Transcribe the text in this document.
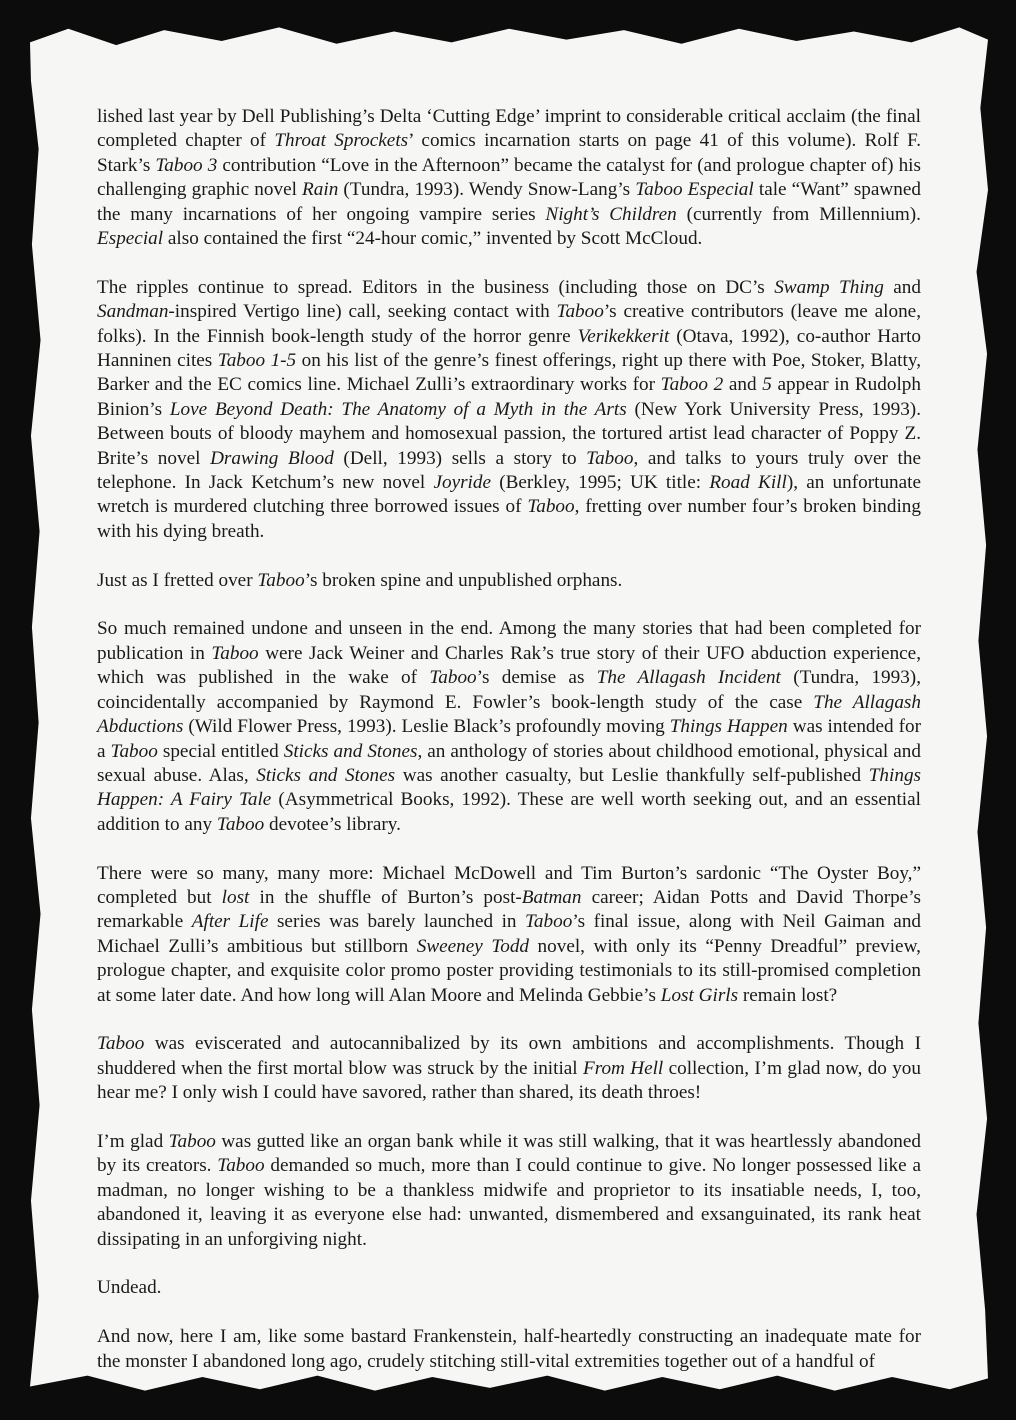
lished last year by Dell Publishing’s Delta ‘Cutting Edge’ imprint to considerable critical acclaim (the final completed chapter of Throat Sprockets’ comics incarnation starts on page 41 of this volume). Rolf F. Stark’s Taboo 3 contribution “Love in the Afternoon” became the catalyst for (and prologue chapter of) his challenging graphic novel Rain (Tundra, 1993). Wendy Snow-Lang’s Taboo Especial tale “Want” spawned the many incarnations of her ongoing vampire series Night’s Children (currently from Millennium). Especial also contained the first “24-hour comic,” invented by Scott McCloud.

The ripples continue to spread. Editors in the business (including those on DC’s Swamp Thing and Sandman-inspired Vertigo line) call, seeking contact with Taboo’s creative contributors (leave me alone, folks). In the Finnish book-length study of the horror genre Verikekkerit (Otava, 1992), co-author Harto Hanninen cites Taboo 1-5 on his list of the genre’s finest offerings, right up there with Poe, Stoker, Blatty, Barker and the EC comics line. Michael Zulli’s extraordinary works for Taboo 2 and 5 appear in Rudolph Binion’s Love Beyond Death: The Anatomy of a Myth in the Arts (New York University Press, 1993). Between bouts of bloody mayhem and homosexual passion, the tortured artist lead character of Poppy Z. Brite’s novel Drawing Blood (Dell, 1993) sells a story to Taboo, and talks to yours truly over the telephone. In Jack Ketchum’s new novel Joyride (Berkley, 1995; UK title: Road Kill), an unfortunate wretch is murdered clutching three borrowed issues of Taboo, fretting over number four’s broken binding with his dying breath.

Just as I fretted over Taboo’s broken spine and unpublished orphans.

So much remained undone and unseen in the end. Among the many stories that had been completed for publication in Taboo were Jack Weiner and Charles Rak’s true story of their UFO abduction experience, which was published in the wake of Taboo’s demise as The Allagash Incident (Tundra, 1993), coincidentally accompanied by Raymond E. Fowler’s book-length study of the case The Allagash Abductions (Wild Flower Press, 1993). Leslie Black’s profoundly moving Things Happen was intended for a Taboo special entitled Sticks and Stones, an anthology of stories about childhood emotional, physical and sexual abuse. Alas, Sticks and Stones was another casualty, but Leslie thankfully self-published Things Happen: A Fairy Tale (Asymmetrical Books, 1992). These are well worth seeking out, and an essential addition to any Taboo devotee’s library.

There were so many, many more: Michael McDowell and Tim Burton’s sardonic “The Oyster Boy,” completed but lost in the shuffle of Burton’s post-Batman career; Aidan Potts and David Thorpe’s remarkable After Life series was barely launched in Taboo’s final issue, along with Neil Gaiman and Michael Zulli’s ambitious but stillborn Sweeney Todd novel, with only its “Penny Dreadful” preview, prologue chapter, and exquisite color promo poster providing testimonials to its still-promised completion at some later date. And how long will Alan Moore and Melinda Gebbie’s Lost Girls remain lost?

Taboo was eviscerated and autocannibalized by its own ambitions and accomplishments. Though I shuddered when the first mortal blow was struck by the initial From Hell collection, I’m glad now, do you hear me? I only wish I could have savored, rather than shared, its death throes!

I’m glad Taboo was gutted like an organ bank while it was still walking, that it was heartlessly abandoned by its creators. Taboo demanded so much, more than I could continue to give. No longer possessed like a madman, no longer wishing to be a thankless midwife and proprietor to its insatiable needs, I, too, abandoned it, leaving it as everyone else had: unwanted, dismembered and exsanguinated, its rank heat dissipating in an unforgiving night.

Undead.

And now, here I am, like some bastard Frankenstein, half-heartedly constructing an inadequate mate for the monster I abandoned long ago, crudely stitching still-vital extremities together out of a handful of
